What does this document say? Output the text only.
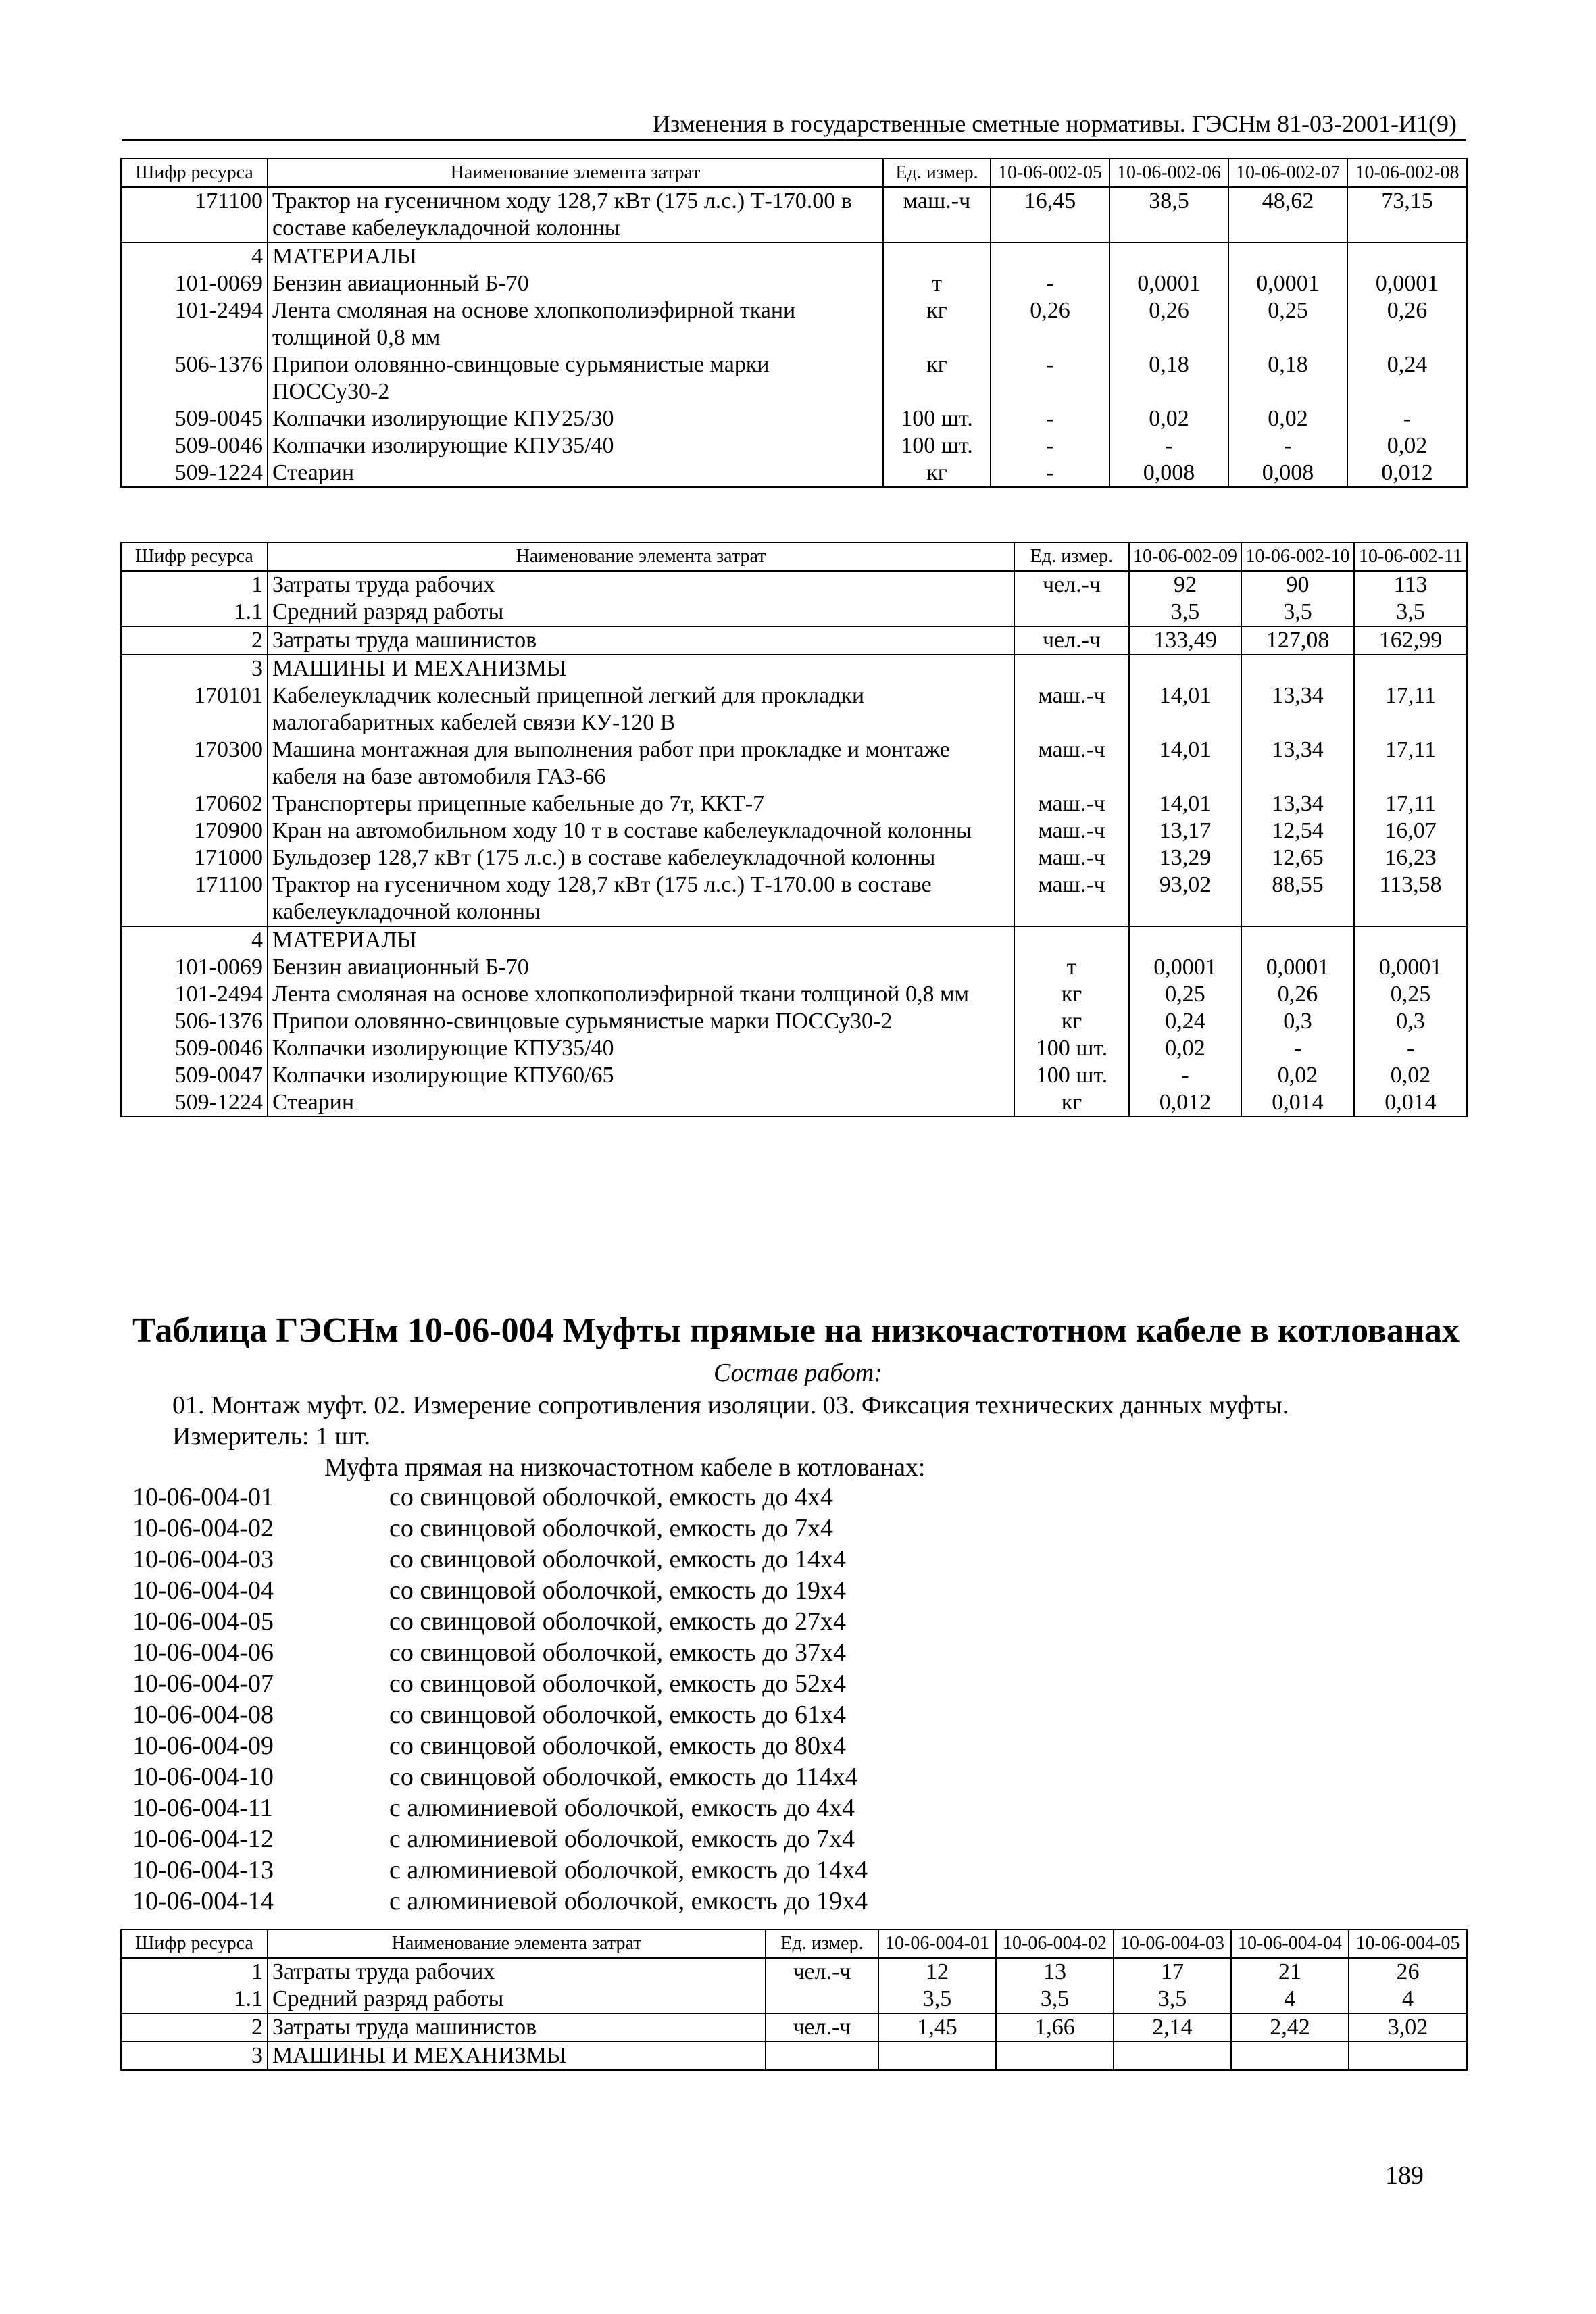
Изменения в государственные сметные нормативы. ГЭСНм 81-03-2001-И1(9)
Шифр ресурса	Наименование элемента затрат	Ед. измер.	10-06-002-05	10-06-002-06	10-06-002-07	10-06-002-08
171100	Трактор на гусеничном ходу 128,7 кВт (175 л.с.) Т-170.00 в составе кабелеукладочной колонны	маш.-ч	16,45	38,5	48,62	73,15
4	МАТЕРИАЛЫ					
101-0069	Бензин авиационный Б-70	т	-	0,0001	0,0001	0,0001
101-2494	Лента смоляная на основе хлопкополиэфирной ткани толщиной 0,8 мм	кг	0,26	0,26	0,25	0,26
506-1376	Припои оловянно-свинцовые сурьмянистые марки ПОССу30-2	кг	-	0,18	0,18	0,24
509-0045	Колпачки изолирующие КПУ25/30	100 шт.	-	0,02	0,02	-
509-0046	Колпачки изолирующие КПУ35/40	100 шт.	-	-	-	0,02
509-1224	Стеарин	кг	-	0,008	0,008	0,012
Шифр ресурса	Наименование элемента затрат	Ед. измер.	10-06-002-09	10-06-002-10	10-06-002-11
1	Затраты труда рабочих	чел.-ч	92	90	113
1.1	Средний разряд работы		3,5	3,5	3,5
2	Затраты труда машинистов	чел.-ч	133,49	127,08	162,99
3	МАШИНЫ И МЕХАНИЗМЫ				
170101	Кабелеукладчик колесный прицепной легкий для прокладки малогабаритных кабелей связи КУ-120 В	маш.-ч	14,01	13,34	17,11
170300	Машина монтажная для выполнения работ при прокладке и монтаже кабеля на базе автомобиля ГАЗ-66	маш.-ч	14,01	13,34	17,11
170602	Транспортеры прицепные кабельные до 7т, ККТ-7	маш.-ч	14,01	13,34	17,11
170900	Кран на автомобильном ходу 10 т в составе кабелеукладочной колонны	маш.-ч	13,17	12,54	16,07
171000	Бульдозер 128,7 кВт (175 л.с.) в составе кабелеукладочной колонны	маш.-ч	13,29	12,65	16,23
171100	Трактор на гусеничном ходу 128,7 кВт (175 л.с.) Т-170.00 в составе кабелеукладочной колонны	маш.-ч	93,02	88,55	113,58
4	МАТЕРИАЛЫ				
101-0069	Бензин авиационный Б-70	т	0,0001	0,0001	0,0001
101-2494	Лента смоляная на основе хлопкополиэфирной ткани толщиной 0,8 мм	кг	0,25	0,26	0,25
506-1376	Припои оловянно-свинцовые сурьмянистые марки ПОССу30-2	кг	0,24	0,3	0,3
509-0046	Колпачки изолирующие КПУ35/40	100 шт.	0,02	-	-
509-0047	Колпачки изолирующие КПУ60/65	100 шт.	-	0,02	0,02
509-1224	Стеарин	кг	0,012	0,014	0,014
Таблица ГЭСНм 10-06-004 Муфты прямые на низкочастотном кабеле в котлованах
Состав работ:
01. Монтаж муфт. 02. Измерение сопротивления изоляции. 03. Фиксация технических данных муфты.
Измеритель: 1 шт.
Муфта прямая на низкочастотном кабеле в котлованах:
10-06-004-01	со свинцовой оболочкой, емкость до 4х4
10-06-004-02	со свинцовой оболочкой, емкость до 7х4
10-06-004-03	со свинцовой оболочкой, емкость до 14х4
10-06-004-04	со свинцовой оболочкой, емкость до 19х4
10-06-004-05	со свинцовой оболочкой, емкость до 27х4
10-06-004-06	со свинцовой оболочкой, емкость до 37х4
10-06-004-07	со свинцовой оболочкой, емкость до 52х4
10-06-004-08	со свинцовой оболочкой, емкость до 61х4
10-06-004-09	со свинцовой оболочкой, емкость до 80х4
10-06-004-10	со свинцовой оболочкой, емкость до 114х4
10-06-004-11	с алюминиевой оболочкой, емкость до 4х4
10-06-004-12	с алюминиевой оболочкой, емкость до 7х4
10-06-004-13	с алюминиевой оболочкой, емкость до 14х4
10-06-004-14	с алюминиевой оболочкой, емкость до 19х4
Шифр ресурса	Наименование элемента затрат	Ед. измер.	10-06-004-01	10-06-004-02	10-06-004-03	10-06-004-04	10-06-004-05
1	Затраты труда рабочих	чел.-ч	12	13	17	21	26
1.1	Средний разряд работы		3,5	3,5	3,5	4	4
2	Затраты труда машинистов	чел.-ч	1,45	1,66	2,14	2,42	3,02
3	МАШИНЫ И МЕХАНИЗМЫ						
189
